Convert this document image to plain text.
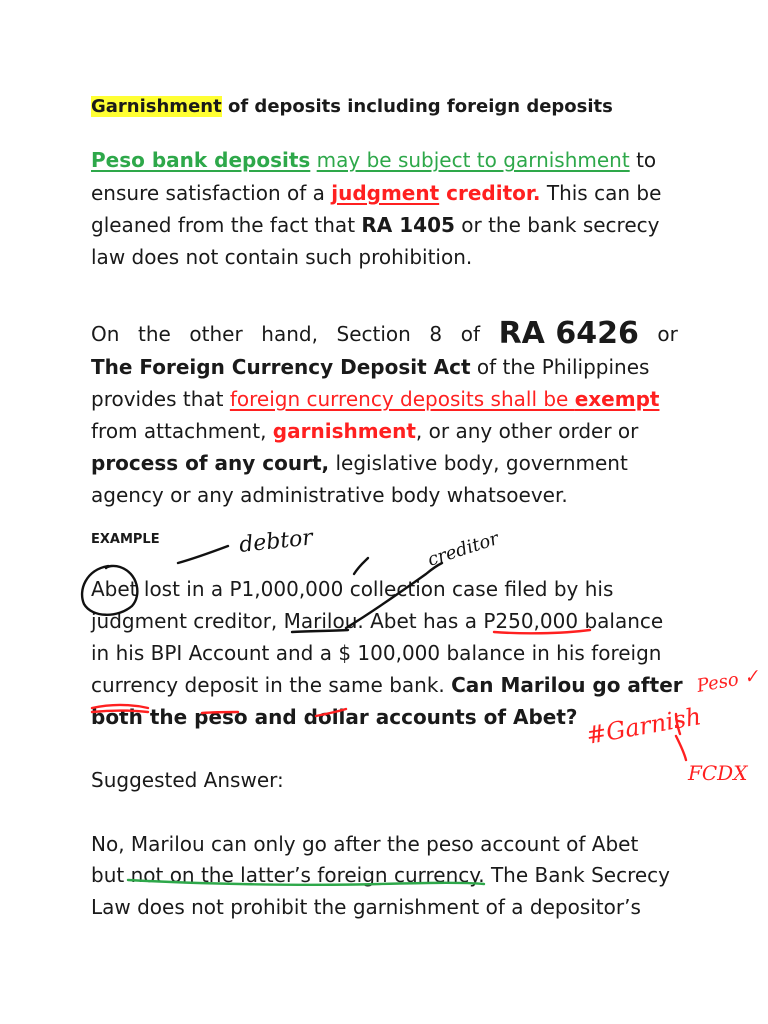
Garnishment of deposits including foreign deposits
Peso bank deposits may be subject to garnishment to
ensure satisfaction of a judgment creditor. This can be
gleaned from the fact that RA 1405 or the bank secrecy
law does not contain such prohibition.
On the other hand, Section 8 of RA 6426 or
The Foreign Currency Deposit Act of the Philippines
provides that foreign currency deposits shall be exempt
from attachment, garnishment, or any other order or
process of any court, legislative body, government
agency or any administrative body whatsoever.
EXAMPLE
Abet lost in a P1,000,000 collection case filed by his
judgment creditor, Marilou. Abet has a P250,000 balance
in his BPI Account and a $ 100,000 balance in his foreign
currency deposit in the same bank. Can Marilou go after
both the peso and dollar accounts of Abet?
Suggested Answer:
No, Marilou can only go after the peso account of Abet
but not on the latter’s foreign currency. The Bank Secrecy
Law does not prohibit the garnishment of a depositor’s
debtor	creditor
Peso ✓
#Garnish
FCDX
